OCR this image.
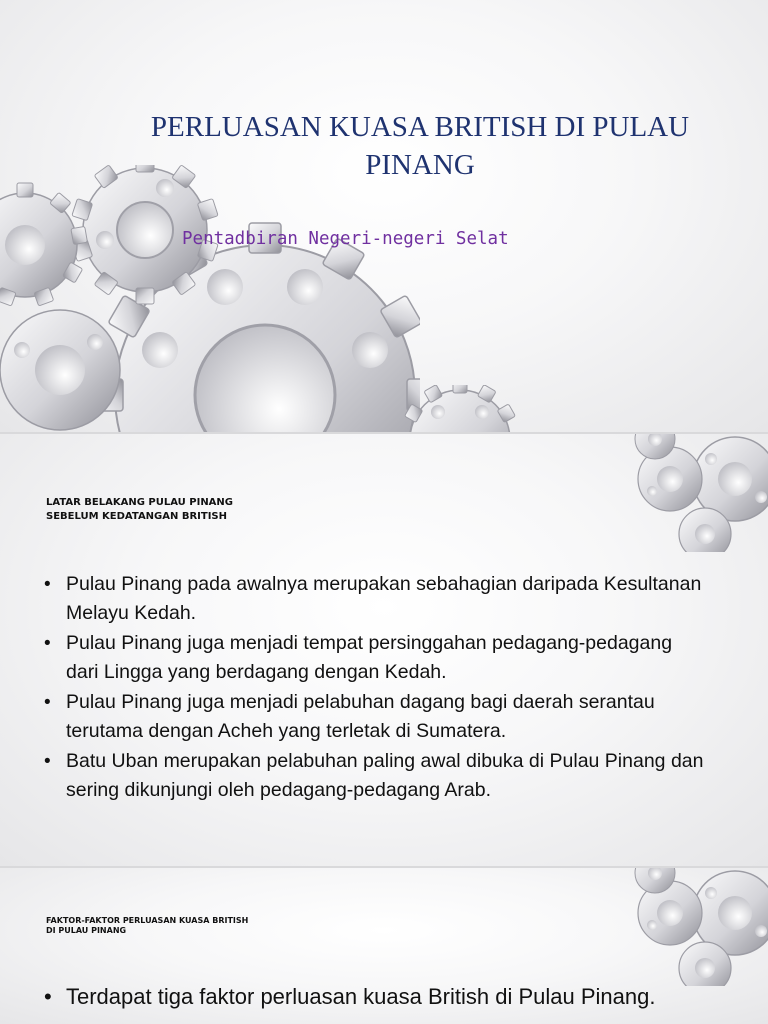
PERLUASAN KUASA BRITISH DI PULAU PINANG
Pentadbiran Negeri-negeri Selat
LATAR BELAKANG PULAU PINANG
SEBELUM KEDATANGAN BRITISH
• Pulau Pinang pada awalnya merupakan sebahagian daripada Kesultanan Melayu Kedah.
• Pulau Pinang juga menjadi tempat persinggahan pedagang-pedagang dari Lingga yang berdagang dengan Kedah.
• Pulau Pinang juga menjadi pelabuhan dagang bagi daerah serantau terutama dengan Acheh yang terletak di Sumatera.
• Batu Uban merupakan pelabuhan paling awal dibuka di Pulau Pinang dan sering dikunjungi oleh pedagang-pedagang Arab.
FAKTOR-FAKTOR PERLUASAN KUASA BRITISH
DI PULAU PINANG
• Terdapat tiga faktor perluasan kuasa British di Pulau Pinang.
